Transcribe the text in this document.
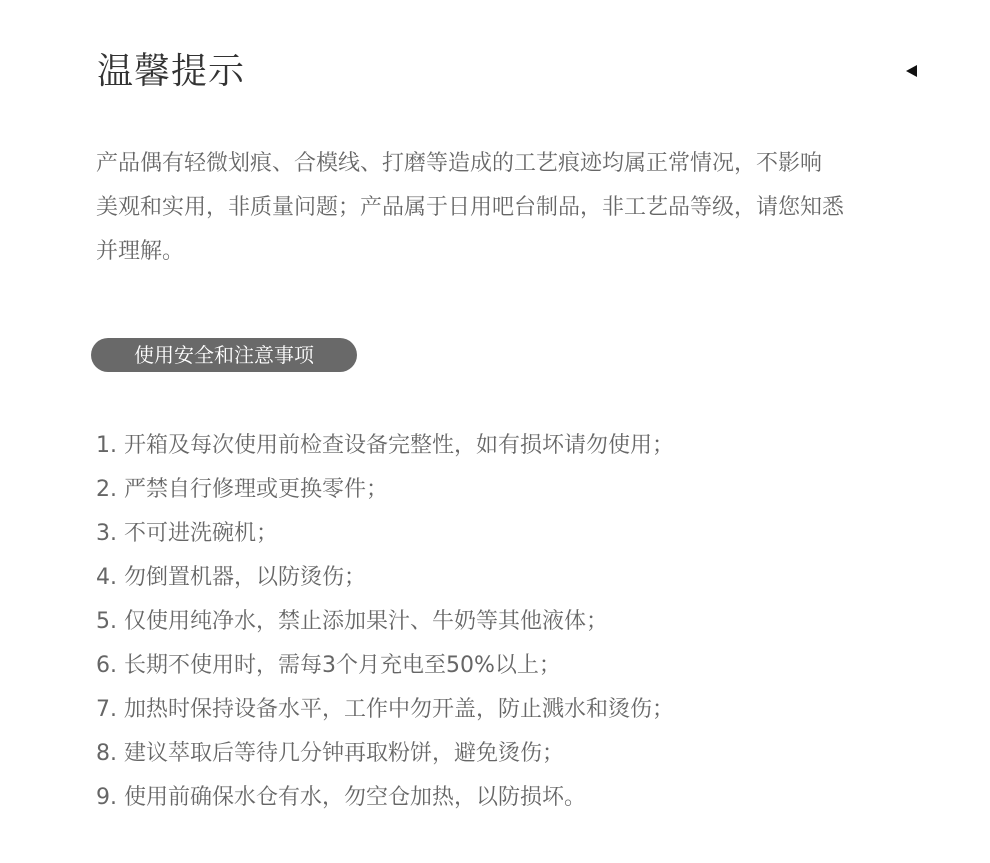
温馨提示

产品偶有轻微划痕、合模线、打磨等造成的工艺痕迹均属正常情况，不影响
美观和实用，非质量问题；产品属于日用吧台制品，非工艺品等级，请您知悉
并理解。

使用安全和注意事项
1. 开箱及每次使用前检查设备完整性，如有损坏请勿使用；
2. 严禁自行修理或更换零件；
3. 不可进洗碗机；
4. 勿倒置机器，以防烫伤；
5. 仅使用纯净水，禁止添加果汁、牛奶等其他液体；
6. 长期不使用时，需每3个月充电至50%以上；
7. 加热时保持设备水平，工作中勿开盖，防止溅水和烫伤；
8. 建议萃取后等待几分钟再取粉饼，避免烫伤；
9. 使用前确保水仓有水，勿空仓加热，以防损坏。
